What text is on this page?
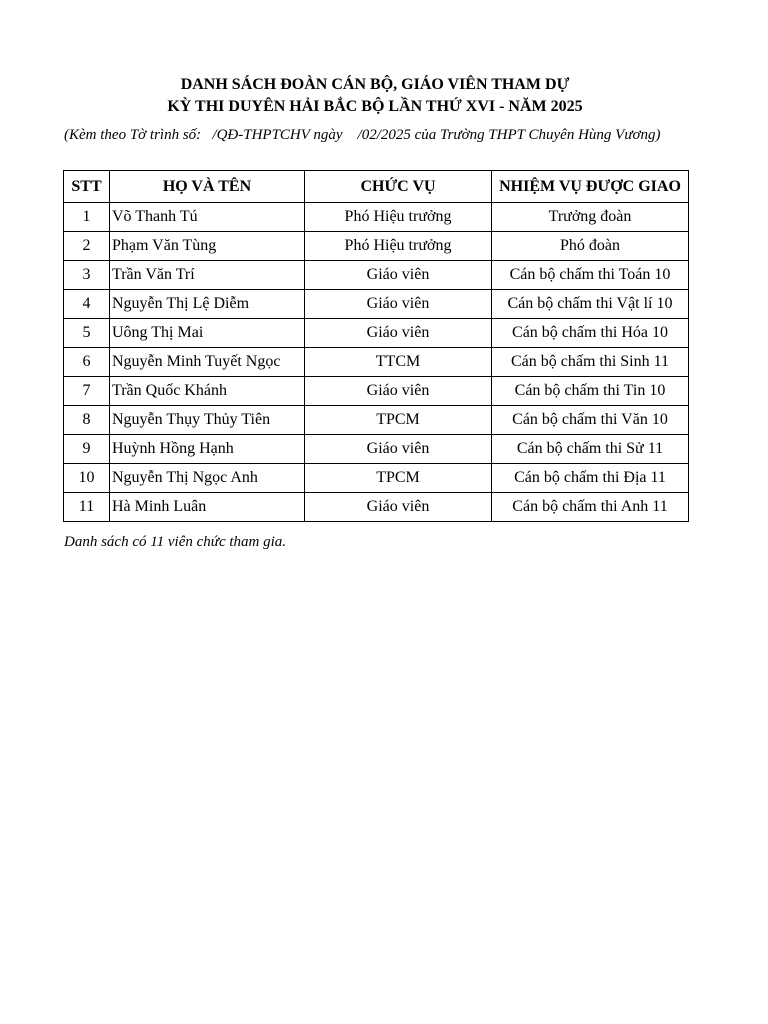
DANH SÁCH ĐOÀN CÁN BỘ, GIÁO VIÊN THAM DỰ
KỲ THI DUYÊN HẢI BẮC BỘ LẦN THỨ XVI - NĂM 2025
(Kèm theo Tờ trình số:   /QĐ-THPTCHV ngày    /02/2025 của Trường THPT Chuyên Hùng Vương)
STT	HỌ VÀ TÊN	CHỨC VỤ	NHIỆM VỤ ĐƯỢC GIAO
1	Võ Thanh Tú	Phó Hiệu trưởng	Trưởng đoàn
2	Phạm Văn Tùng	Phó Hiệu trưởng	Phó đoàn
3	Trần Văn Trí	Giáo viên	Cán bộ chấm thi Toán 10
4	Nguyễn Thị Lệ Diễm	Giáo viên	Cán bộ chấm thi Vật lí 10
5	Uông Thị Mai	Giáo viên	Cán bộ chấm thi Hóa 10
6	Nguyễn Minh Tuyết Ngọc	TTCM	Cán bộ chấm thi Sinh 11
7	Trần Quốc Khánh	Giáo viên	Cán bộ chấm thi Tin 10
8	Nguyễn Thụy Thủy Tiên	TPCM	Cán bộ chấm thi Văn 10
9	Huỳnh Hồng Hạnh	Giáo viên	Cán bộ chấm thi Sử 11
10	Nguyễn Thị Ngọc Anh	TPCM	Cán bộ chấm thi Địa 11
11	Hà Minh Luân	Giáo viên	Cán bộ chấm thi Anh 11
Danh sách có 11 viên chức tham gia.
